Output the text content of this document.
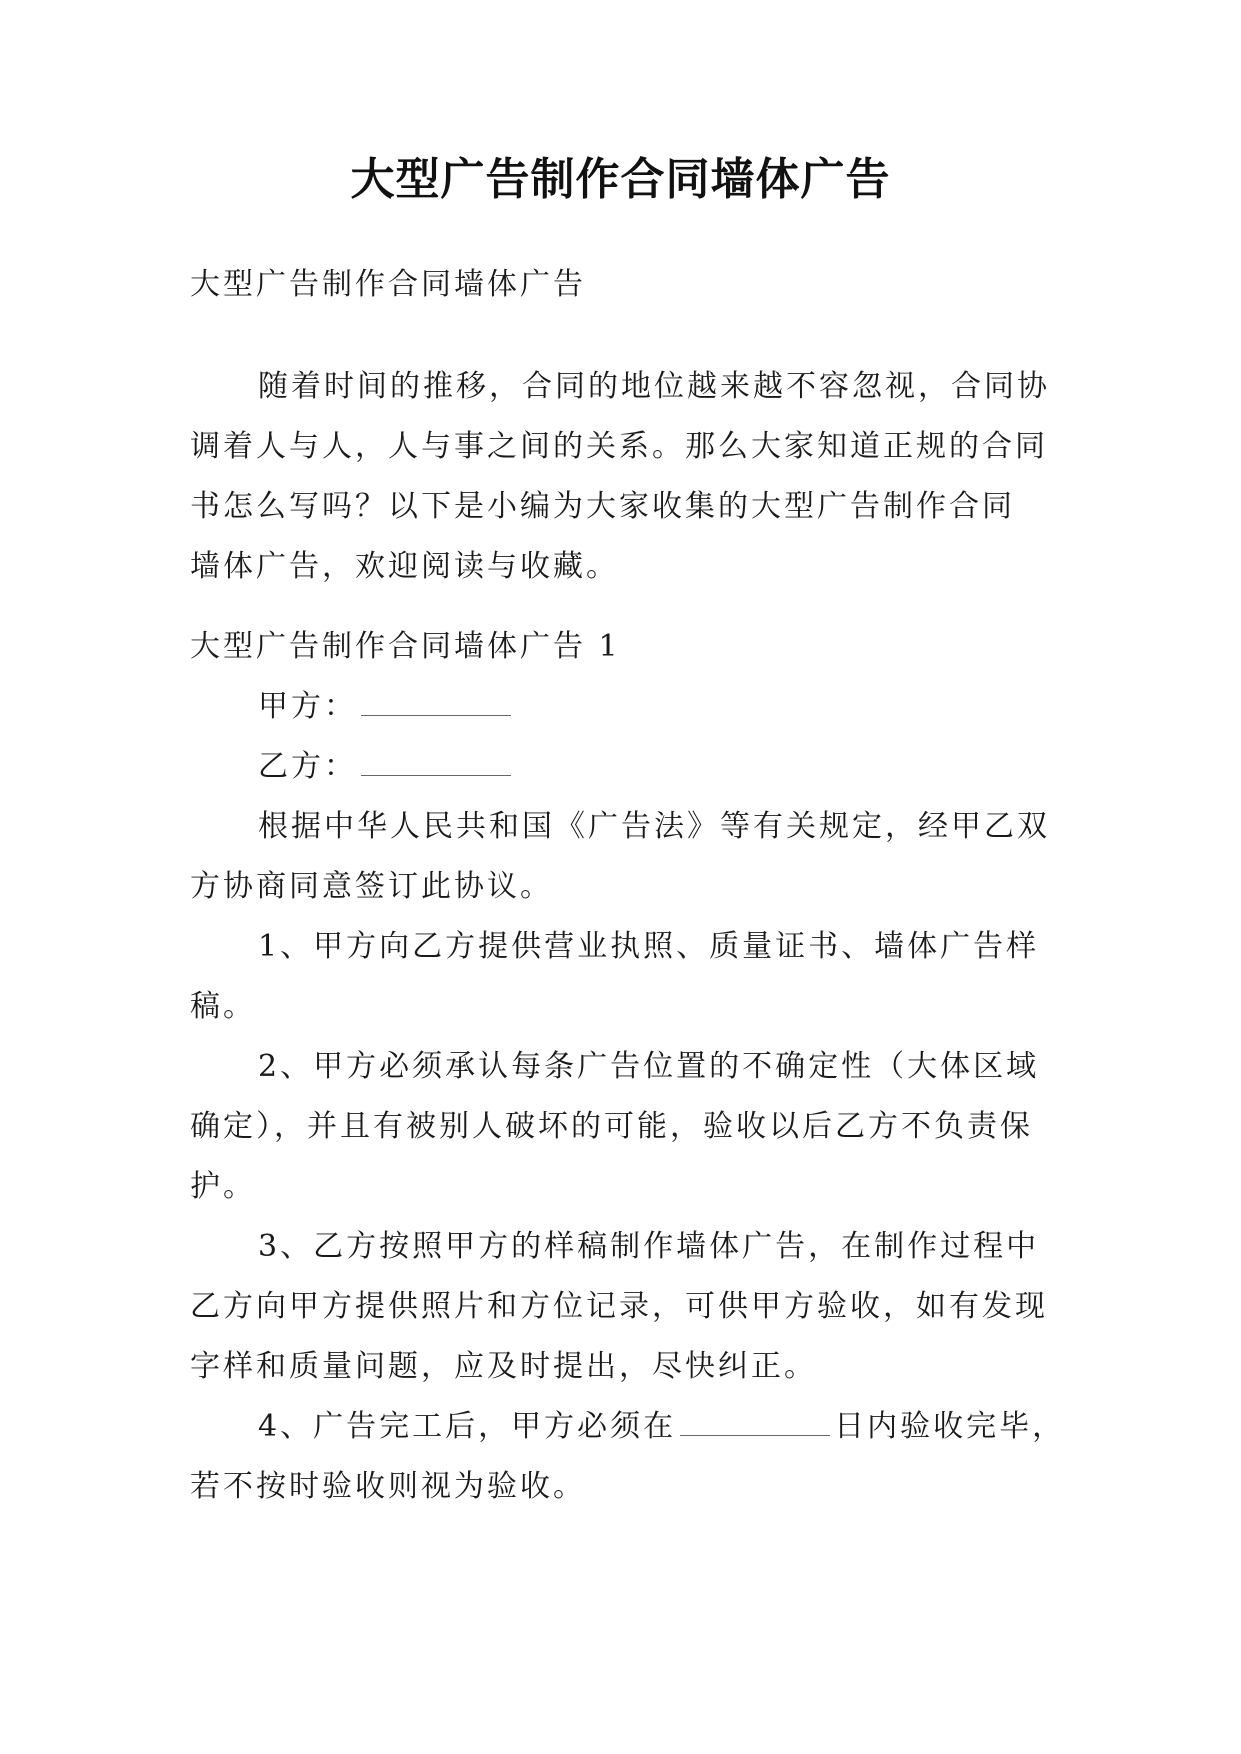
大型广告制作合同墙体广告
大型广告制作合同墙体广告
随着时间的推移，合同的地位越来越不容忽视，合同协
调着人与人，人与事之间的关系。那么大家知道正规的合同
书怎么写吗？以下是小编为大家收集的大型广告制作合同
墙体广告，欢迎阅读与收藏。
大型广告制作合同墙体广告 1
甲方：
乙方：
根据中华人民共和国《广告法》等有关规定，经甲乙双
方协商同意签订此协议。
1、甲方向乙方提供营业执照、质量证书、墙体广告样
稿。
2、甲方必须承认每条广告位置的不确定性（大体区域
确定），并且有被别人破坏的可能，验收以后乙方不负责保
护。
3、乙方按照甲方的样稿制作墙体广告，在制作过程中
乙方向甲方提供照片和方位记录，可供甲方验收，如有发现
字样和质量问题，应及时提出，尽快纠正。
4、广告完工后，甲方必须在	日内验收完毕，
若不按时验收则视为验收。
